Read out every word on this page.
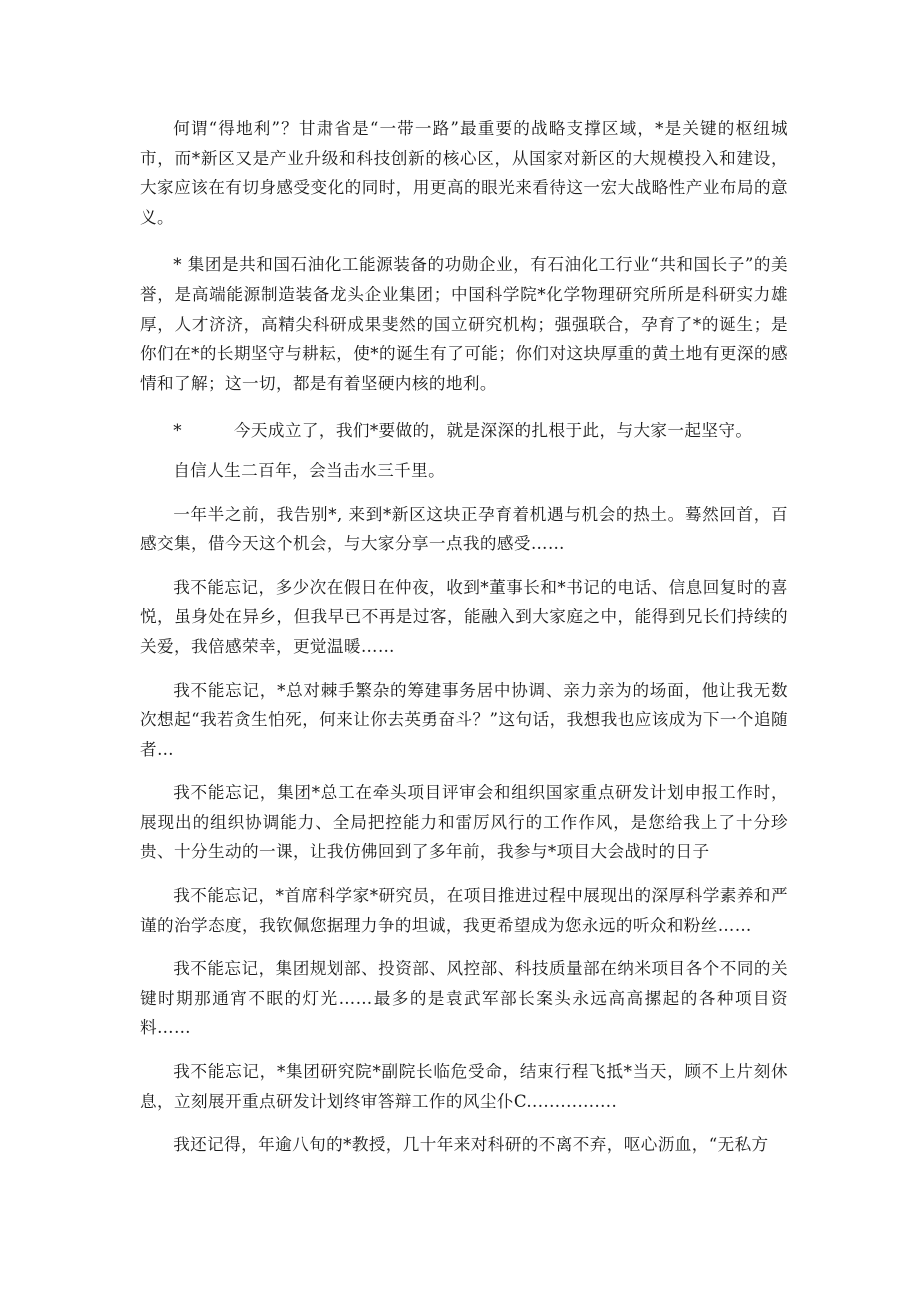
何谓“得地利”？甘肃省是“一带一路”最重要的战略支撑区域，*是关键的枢纽城市，而*新区又是产业升级和科技创新的核心区，从国家对新区的大规模投入和建设，大家应该在有切身感受变化的同时，用更高的眼光来看待这一宏大战略性产业布局的意义。

* 集团是共和国石油化工能源装备的功勋企业，有石油化工行业“共和国长子”的美誉，是高端能源制造装备龙头企业集团；中国科学院*化学物理研究所所是科研实力雄厚，人才济济，高精尖科研成果斐然的国立研究机构；强强联合，孕育了*的诞生；是你们在*的长期坚守与耕耘，使*的诞生有了可能；你们对这块厚重的黄土地有更深的感情和了解；这一切，都是有着坚硬内核的地利。

*	今天成立了，我们*要做的，就是深深的扎根于此，与大家一起坚守。

自信人生二百年，会当击水三千里。

一年半之前，我告别*, 来到*新区这块正孕育着机遇与机会的热土。蓦然回首，百感交集，借今天这个机会，与大家分享一点我的感受……

我不能忘记，多少次在假日在仲夜，收到*董事长和*书记的电话、信息回复时的喜悦，虽身处在异乡，但我早已不再是过客，能融入到大家庭之中，能得到兄长们持续的关爱，我倍感荣幸，更觉温暖……

我不能忘记，*总对棘手繁杂的筹建事务居中协调、亲力亲为的场面，他让我无数次想起“我若贪生怕死，何来让你去英勇奋斗？”这句话，我想我也应该成为下一个追随者…

我不能忘记，集团*总工在牵头项目评审会和组织国家重点研发计划申报工作时，展现出的组织协调能力、全局把控能力和雷厉风行的工作作风，是您给我上了十分珍贵、十分生动的一课，让我仿佛回到了多年前，我参与*项目大会战时的日子

我不能忘记，*首席科学家*研究员，在项目推进过程中展现出的深厚科学素养和严谨的治学态度，我钦佩您据理力争的坦诚，我更希望成为您永远的听众和粉丝……

我不能忘记，集团规划部、投资部、风控部、科技质量部在纳米项目各个不同的关键时期那通宵不眠的灯光……最多的是袁武军部长案头永远高高摞起的各种项目资料……

我不能忘记，*集团研究院*副院长临危受命，结束行程飞抵*当天，顾不上片刻休息，立刻展开重点研发计划终审答辩工作的风尘仆C................

我还记得，年逾八旬的*教授，几十年来对科研的不离不弃，呕心沥血，“无私方
